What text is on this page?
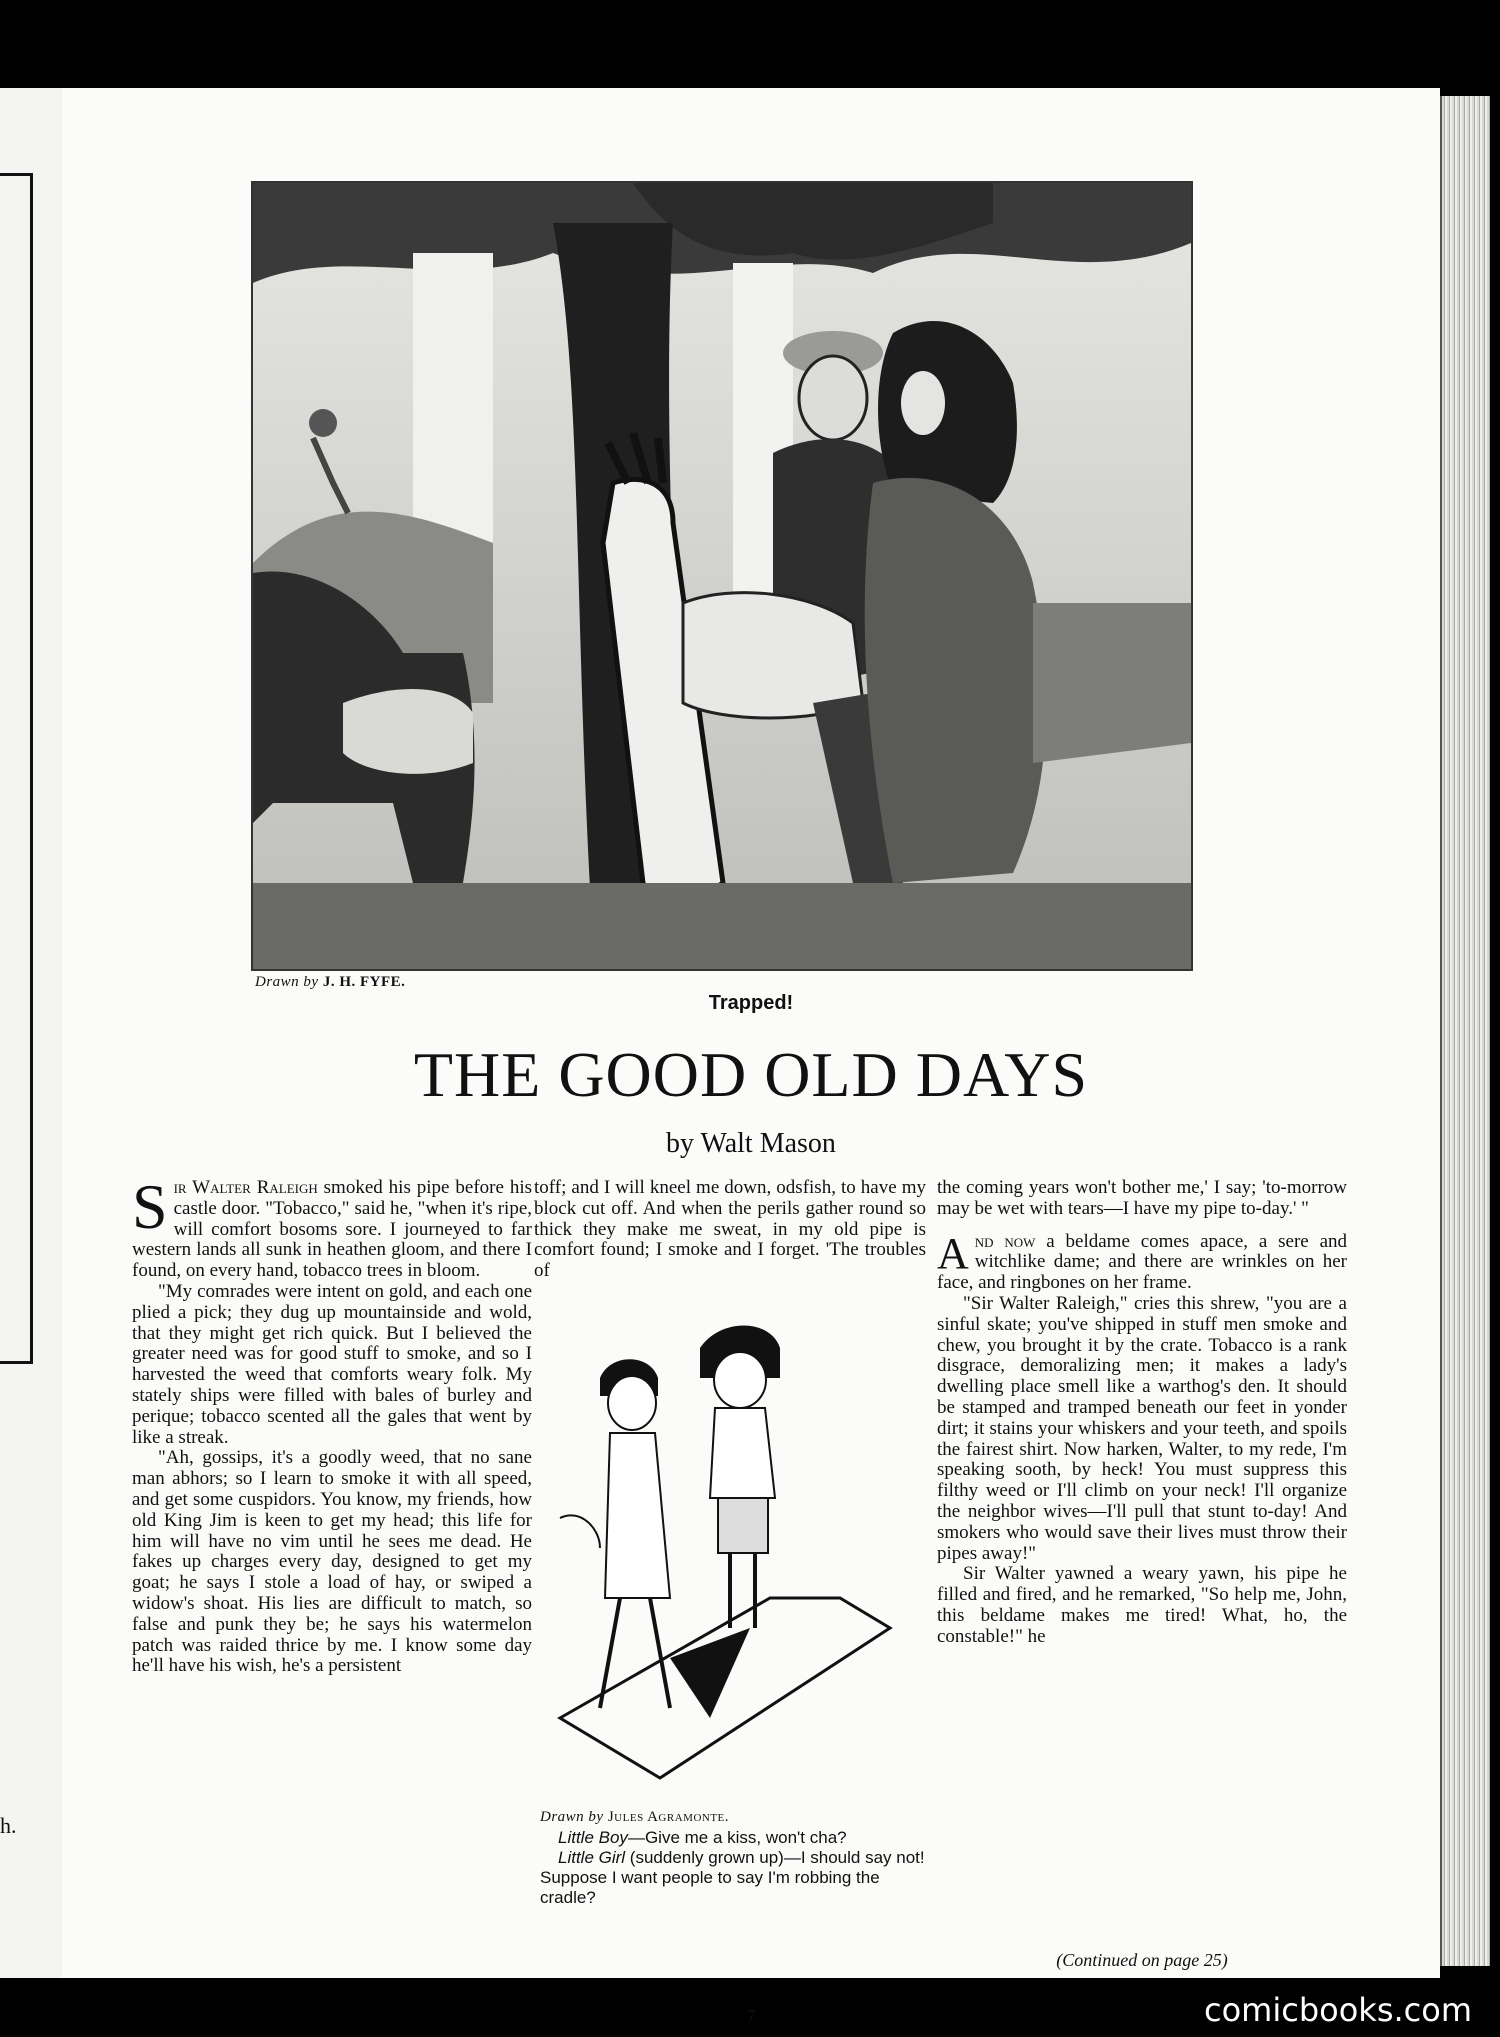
h.
Drawn by J. H. FYFE.
Trapped!
THE GOOD OLD DAYS
by Walt Mason

Sir Walter Raleigh smoked his pipe before his castle door. "Tobacco," said he, "when it's ripe, will comfort bosoms sore. I journeyed to far western lands all sunk in heathen gloom, and there I found, on every hand, tobacco trees in bloom.

"My comrades were intent on gold, and each one plied a pick; they dug up mountainside and wold, that they might get rich quick. But I believed the greater need was for good stuff to smoke, and so I harvested the weed that comforts weary folk. My stately ships were filled with bales of burley and perique; tobacco scented all the gales that went by like a streak.

"Ah, gossips, it's a goodly weed, that no sane man abhors; so I learn to smoke it with all speed, and get some cuspidors. You know, my friends, how old King Jim is keen to get my head; this life for him will have no vim until he sees me dead. He fakes up charges every day, designed to get my goat; he says I stole a load of hay, or swiped a widow's shoat. His lies are difficult to match, so false and punk they be; he says his watermelon patch was raided thrice by me. I know some day he'll have his wish, he's a persistent

toff; and I will kneel me down, odsfish, to have my block cut off. And when the perils gather round so thick they make me sweat, in my old pipe is comfort found; I smoke and I forget. 'The troubles of

Drawn by Jules Agramonte.

Little Boy—Give me a kiss, won't cha?

Little Girl (suddenly grown up)—I should say not! Suppose I want people to say I'm robbing the cradle?

the coming years won't bother me,' I say; 'to-morrow may be wet with tears—I have my pipe to-day.' "

And now a beldame comes apace, a sere and witchlike dame; and there are wrinkles on her face, and ringbones on her frame.

"Sir Walter Raleigh," cries this shrew, "you are a sinful skate; you've shipped in stuff men smoke and chew, you brought it by the crate. Tobacco is a rank disgrace, demoralizing men; it makes a lady's dwelling place smell like a warthog's den. It should be stamped and tramped beneath our feet in yonder dirt; it stains your whiskers and your teeth, and spoils the fairest shirt. Now harken, Walter, to my rede, I'm speaking sooth, by heck! You must suppress this filthy weed or I'll climb on your neck! I'll organize the neighbor wives—I'll pull that stunt to-day! And smokers who would save their lives must throw their pipes away!"

Sir Walter yawned a weary yawn, his pipe he filled and fired, and he remarked, "So help me, John, this beldame makes me tired! What, ho, the constable!" he

(Continued on page 25)
7	comicbooks.com
